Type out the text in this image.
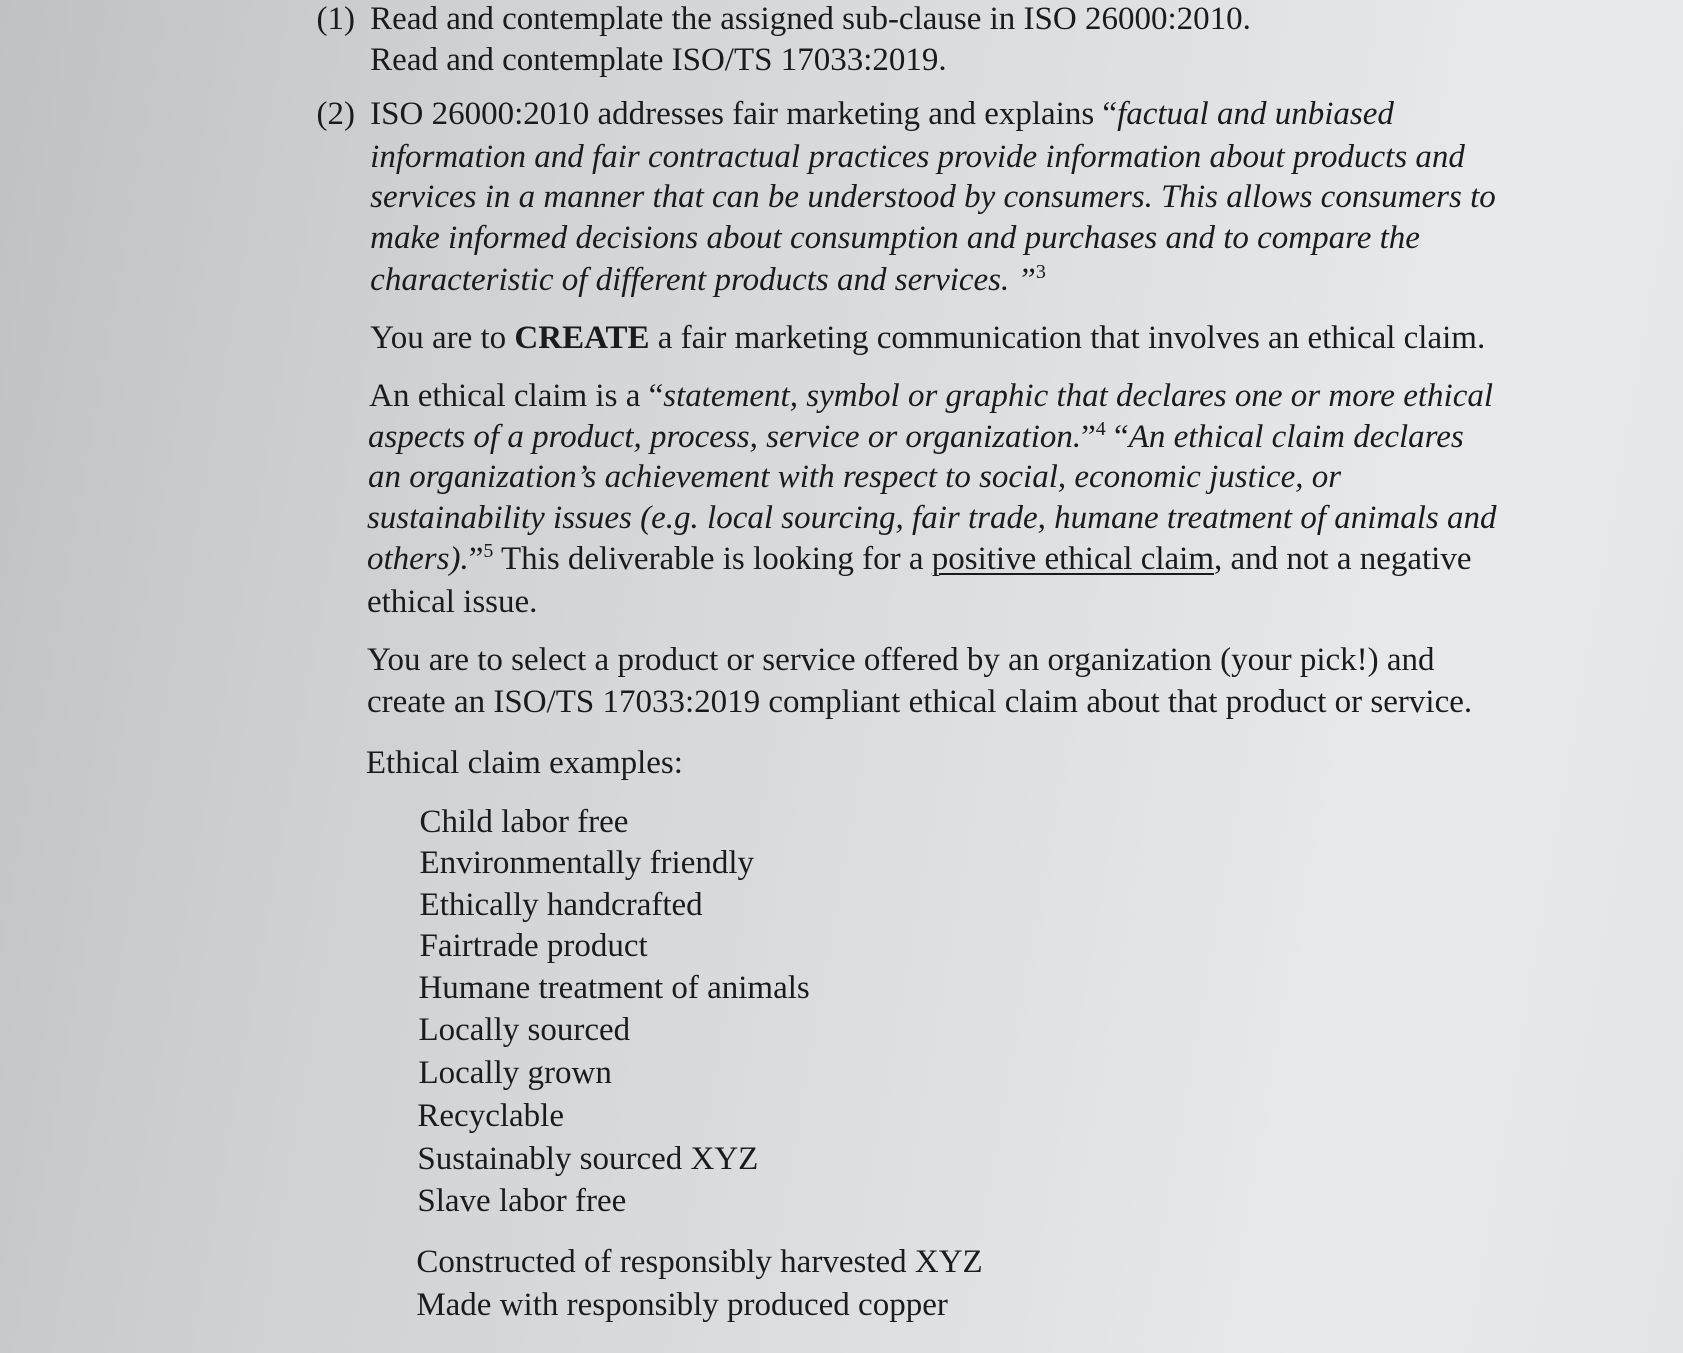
(1) Read and contemplate the assigned sub-clause in ISO 26000:2010.
Read and contemplate ISO/TS 17033:2019.
(2) ISO 26000:2010 addresses fair marketing and explains “factual and unbiased
information and fair contractual practices provide information about products and
services in a manner that can be understood by consumers. This allows consumers to
make informed decisions about consumption and purchases and to compare the
characteristic of different products and services. ”$^3$
You are to CREATE a fair marketing communication that involves an ethical claim.
An ethical claim is a “statement, symbol or graphic that declares one or more ethical
aspects of a product, process, service or organization.”$^4$ “An ethical claim declares
an organization’s achievement with respect to social, economic justice, or
sustainability issues (e.g. local sourcing, fair trade, humane treatment of animals and
others).”$^5$ This deliverable is looking for a positive ethical claim, and not a negative
ethical issue.
You are to select a product or service offered by an organization (your pick!) and
create an ISO/TS 17033:2019 compliant ethical claim about that product or service.
Ethical claim examples:
Child labor free
Environmentally friendly
Ethically handcrafted
Fairtrade product
Humane treatment of animals
Locally sourced
Locally grown
Recyclable
Sustainably sourced XYZ
Slave labor free
Constructed of responsibly harvested XYZ
Made with responsibly produced copper
